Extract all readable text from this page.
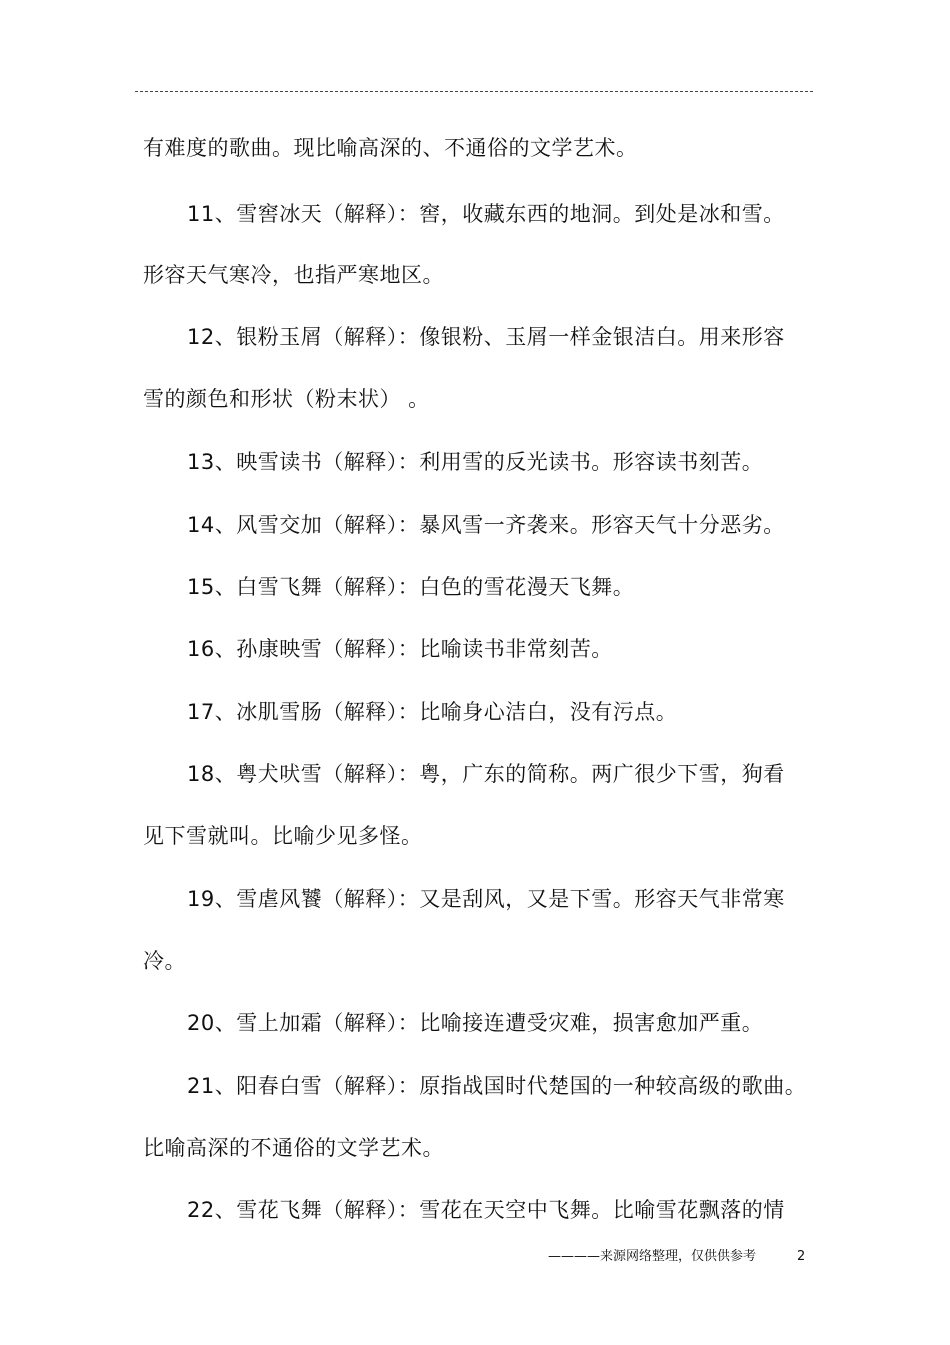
有难度的歌曲。现比喻高深的、不通俗的文学艺术。
11、雪窖冰天（解释）：窖，收藏东西的地洞。到处是冰和雪。
形容天气寒冷，也指严寒地区。
12、银粉玉屑（解释）：像银粉、玉屑一样金银洁白。用来形容
雪的颜色和形状（粉末状） 。
13、映雪读书（解释）：利用雪的反光读书。形容读书刻苦。
14、风雪交加（解释）：暴风雪一齐袭来。形容天气十分恶劣。
15、白雪飞舞（解释）：白色的雪花漫天飞舞。
16、孙康映雪（解释）：比喻读书非常刻苦。
17、冰肌雪肠（解释）：比喻身心洁白，没有污点。
18、粤犬吠雪（解释）：粤，广东的简称。两广很少下雪，狗看
见下雪就叫。比喻少见多怪。
19、雪虐风饕（解释）：又是刮风，又是下雪。形容天气非常寒
冷。
20、雪上加霜（解释）：比喻接连遭受灾难，损害愈加严重。
21、阳春白雪（解释）：原指战国时代楚国的一种较高级的歌曲。
比喻高深的不通俗的文学艺术。
22、雪花飞舞（解释）：雪花在天空中飞舞。比喻雪花飘落的情
————来源网络整理，仅供供参考	2
